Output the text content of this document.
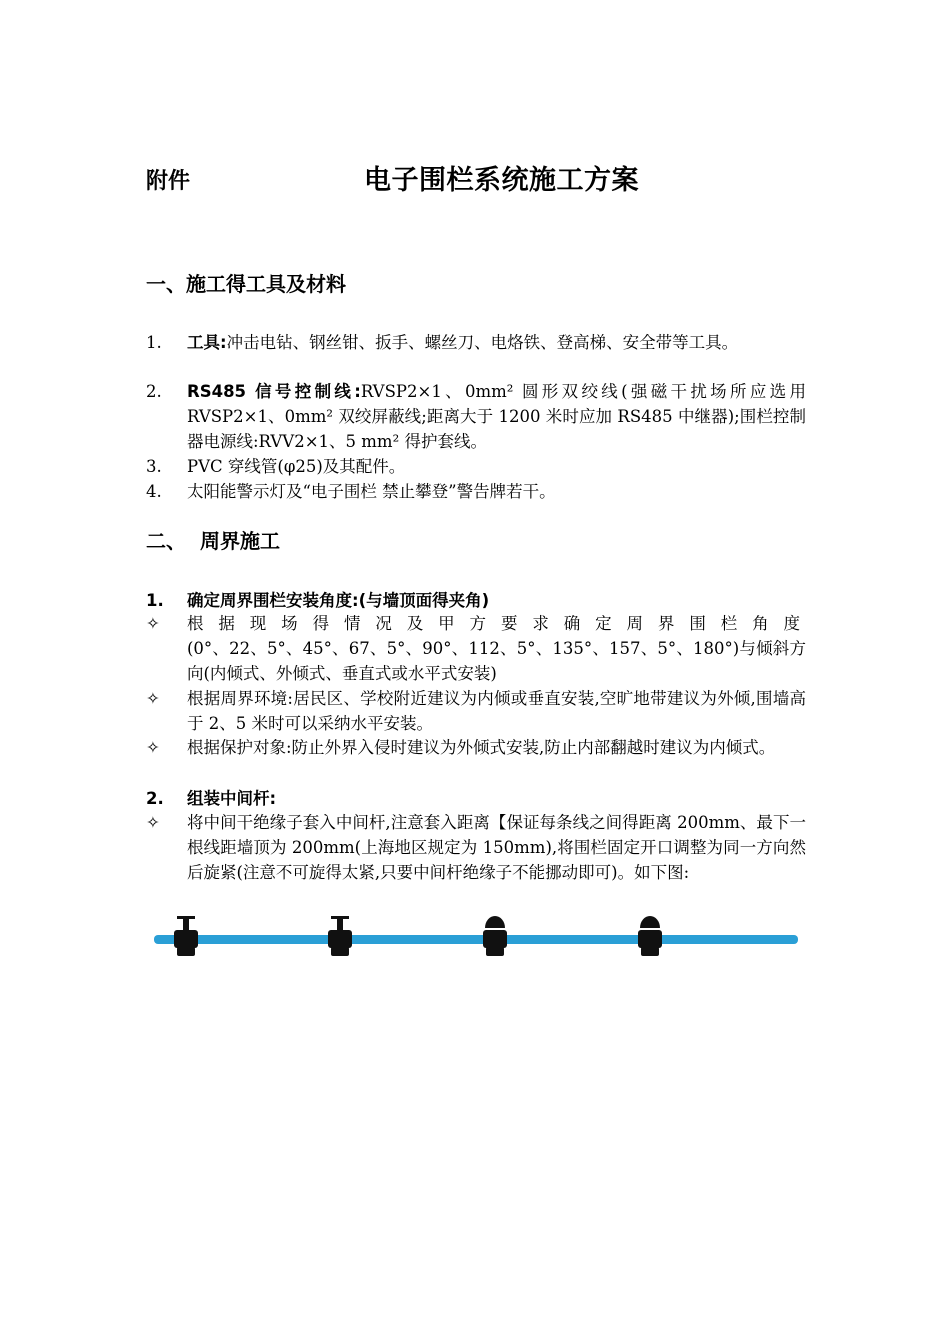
附件	电子围栏系统施工方案
一、施工得工具及材料
1. 工具:冲击电钻、钢丝钳、扳手、螺丝刀、电烙铁、登高梯、安全带等工具。
2. RS485 信号控制线:RVSP2×1、0mm² 圆形双绞线(强磁干扰场所应选用 RVSP2×1、0mm² 双绞屏蔽线;距离大于 1200 米时应加 RS485 中继器);围栏控制器电源线:RVV2×1、5 mm² 得护套线。
3. PVC 穿线管(φ25)及其配件。
4. 太阳能警示灯及“电子围栏 禁止攀登”警告牌若干。
二、 周界施工
1. 确定周界围栏安装角度:(与墙顶面得夹角)
✧ 根据现场得情况及甲方要求确定周界围栏角度
(0°、22、5°、45°、67、5°、90°、112、5°、135°、157、5°、180°)与倾斜方向(内倾式、外倾式、垂直式或水平式安装)
✧ 根据周界环境:居民区、学校附近建议为内倾或垂直安装,空旷地带建议为外倾,围墙高于 2、5 米时可以采纳水平安装。
✧ 根据保护对象:防止外界入侵时建议为外倾式安装,防止内部翻越时建议为内倾式。
2. 组装中间杆:
✧ 将中间干绝缘子套入中间杆,注意套入距离【保证每条线之间得距离 200mm、最下一根线距墙顶为 200mm(上海地区规定为 150mm),将围栏固定开口调整为同一方向然后旋紧(注意不可旋得太紧,只要中间杆绝缘子不能挪动即可)。如下图:
